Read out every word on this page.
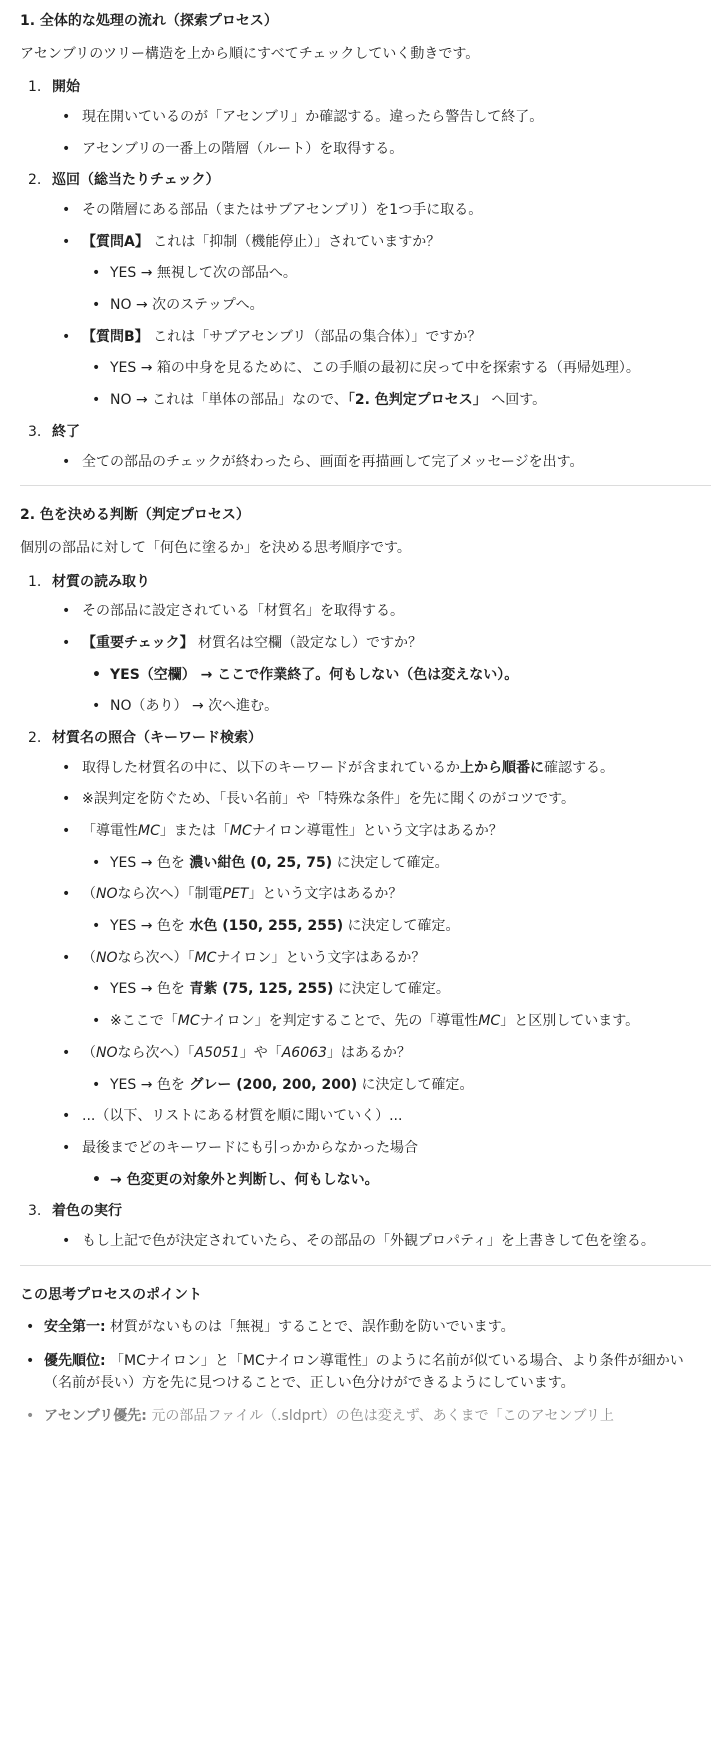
1. 全体的な処理の流れ（探索プロセス）

アセンブリのツリー構造を上から順にすべてチェックしていく動きです。

1. 開始
• 現在開いているのが「アセンブリ」か確認する。違ったら警告して終了。
• アセンブリの一番上の階層（ルート）を取得する。
2. 巡回（総当たりチェック）
• その階層にある部品（またはサブアセンブリ）を1つ手に取る。
• 【質問A】 これは「抑制（機能停止）」されていますか？
• YES → 無視して次の部品へ。
• NO → 次のステップへ。
• 【質問B】 これは「サブアセンブリ（部品の集合体）」ですか？
• YES → 箱の中身を見るために、この手順の最初に戻って中を探索する（再帰処理）。
• NO → これは「単体の部品」なので、「2. 色判定プロセス」 へ回す。
3. 終了
• 全ての部品のチェックが終わったら、画面を再描画して完了メッセージを出す。
2. 色を決める判断（判定プロセス）

個別の部品に対して「何色に塗るか」を決める思考順序です。

1. 材質の読み取り
• その部品に設定されている「材質名」を取得する。
• 【重要チェック】 材質名は空欄（設定なし）ですか？
• YES（空欄） → ここで作業終了。何もしない（色は変えない）。
• NO（あり） → 次へ進む。
2. 材質名の照合（キーワード検索）
• 取得した材質名の中に、以下のキーワードが含まれているか上から順番に確認する。
• ※誤判定を防ぐため、「長い名前」や「特殊な条件」を先に聞くのがコツです。
• 「導電性MC」または「MCナイロン導電性」という文字はあるか？
• YES → 色を 濃い紺色 (0, 25, 75) に決定して確定。
• （NOなら次へ）「制電PET」という文字はあるか？
• YES → 色を 水色 (150, 255, 255) に決定して確定。
• （NOなら次へ）「MCナイロン」という文字はあるか？
• YES → 色を 青紫 (75, 125, 255) に決定して確定。
• ※ここで「MCナイロン」を判定することで、先の「導電性MC」と区別しています。
• （NOなら次へ）「A5051」や「A6063」はあるか？
• YES → 色を グレー (200, 200, 200) に決定して確定。
• ...（以下、リストにある材質を順に聞いていく）...
• 最後までどのキーワードにも引っかからなかった場合
• → 色変更の対象外と判断し、何もしない。
3. 着色の実行
• もし上記で色が決定されていたら、その部品の「外観プロパティ」を上書きして色を塗る。
この思考プロセスのポイント
• 安全第一: 材質がないものは「無視」することで、誤作動を防いでいます。
• 優先順位: 「MCナイロン」と「MCナイロン導電性」のように名前が似ている場合、より条件が細かい（名前が長い）方を先に見つけることで、正しい色分けができるようにしています。
• アセンブリ優先: 元の部品ファイル（.sldprt）の色は変えず、あくまで「このアセンブリ上
